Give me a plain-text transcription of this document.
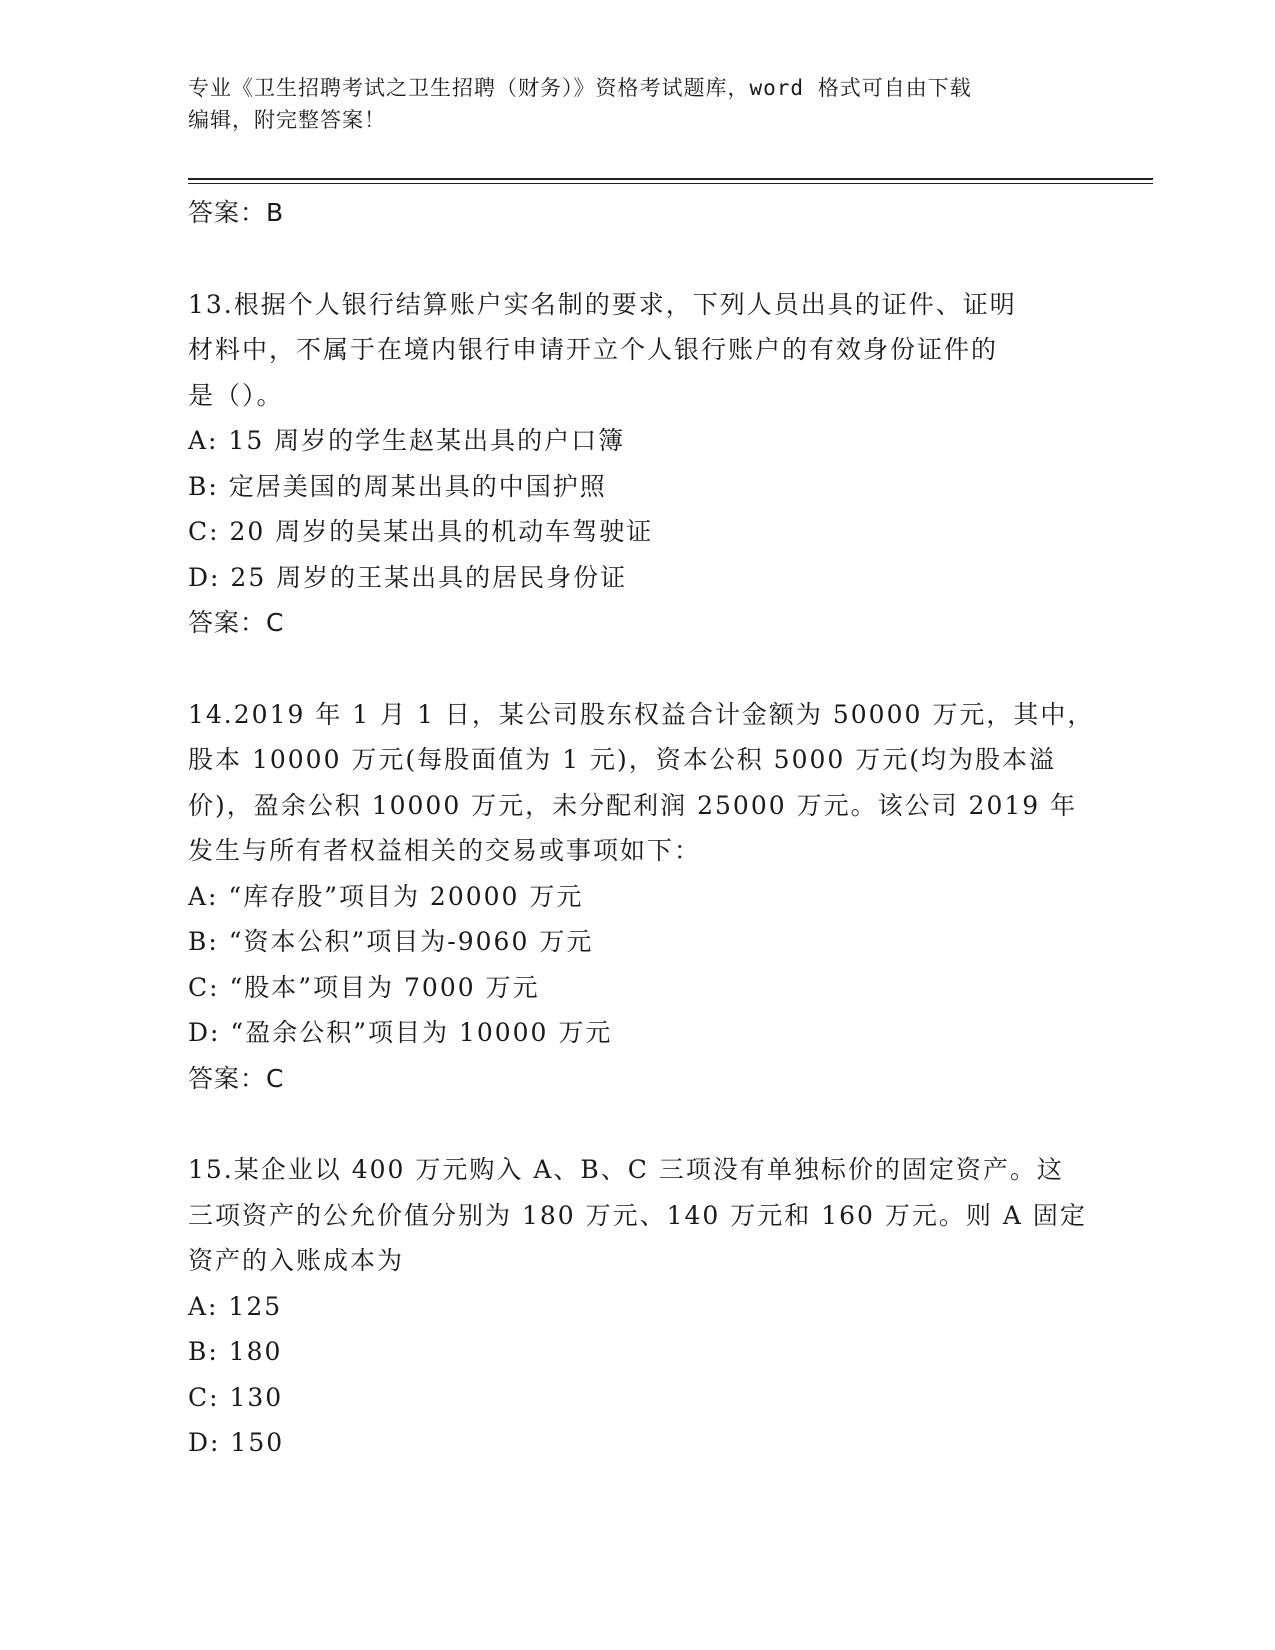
专业《卫生招聘考试之卫生招聘（财务）》资格考试题库，word 格式可自由下载
编辑，附完整答案！
答案：B
13.根据个人银行结算账户实名制的要求，下列人员出具的证件、证明
材料中，不属于在境内银行申请开立个人银行账户的有效身份证件的
是（）。
A: 15 周岁的学生赵某出具的户口簿
B: 定居美国的周某出具的中国护照
C: 20 周岁的吴某出具的机动车驾驶证
D: 25 周岁的王某出具的居民身份证
答案：C
14.2019 年 1 月 1 日，某公司股东权益合计金额为 50000 万元，其中，
股本 10000 万元(每股面值为 1 元)，资本公积 5000 万元(均为股本溢
价)，盈余公积 10000 万元，未分配利润 25000 万元。该公司 2019 年
发生与所有者权益相关的交易或事项如下：
A: “库存股”项目为 20000 万元
B: “资本公积”项目为-9060 万元
C: “股本”项目为 7000 万元
D: “盈余公积”项目为 10000 万元
答案：C
15.某企业以 400 万元购入 A、B、C 三项没有单独标价的固定资产。这
三项资产的公允价值分别为 180 万元、140 万元和 160 万元。则 A 固定
资产的入账成本为
A: 125
B: 180
C: 130
D: 150
